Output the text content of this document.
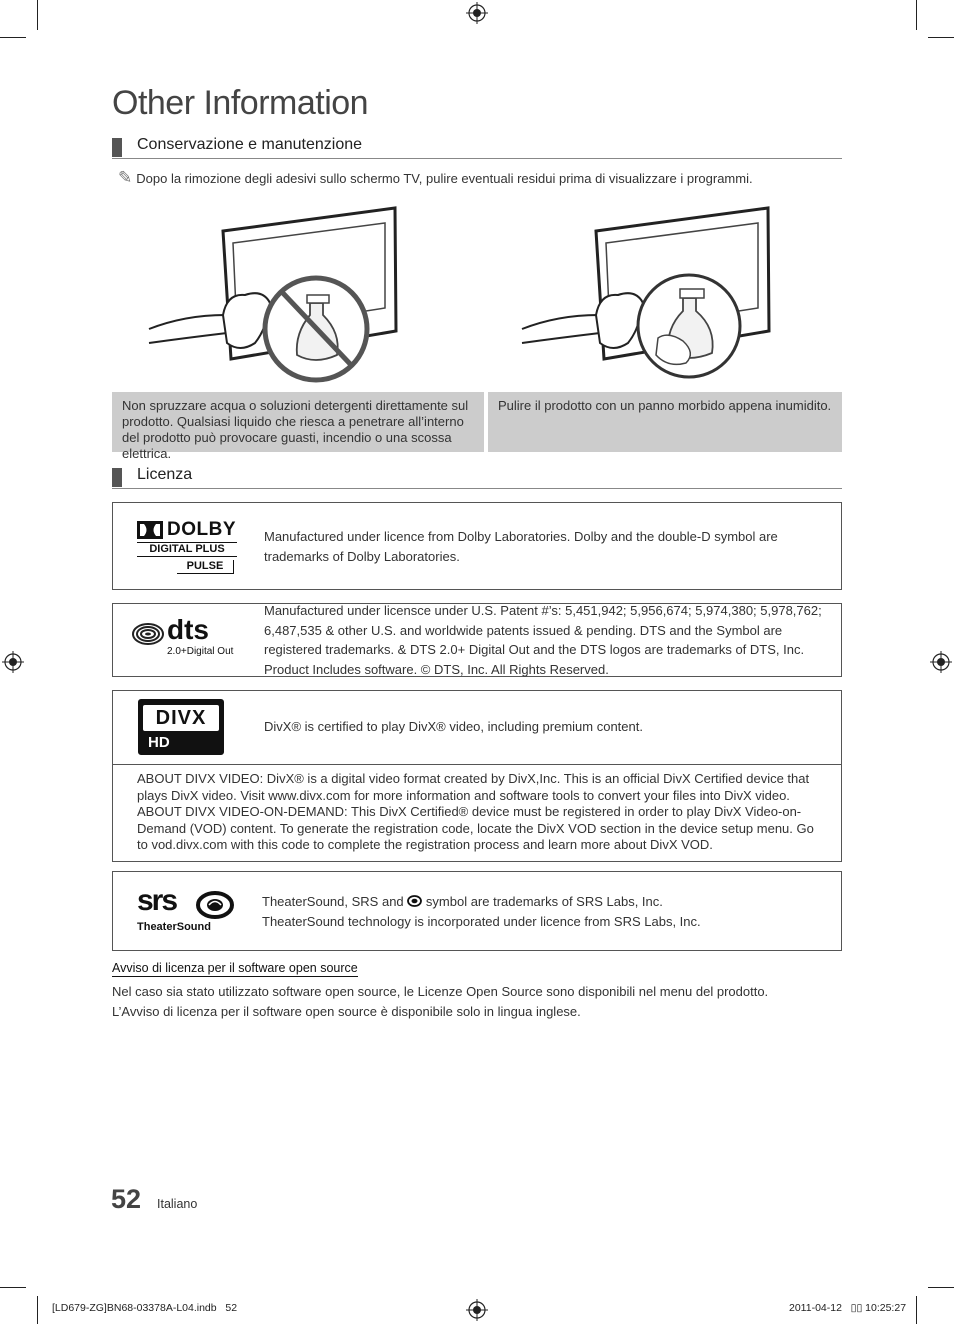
Other Information
Conservazione e manutenzione
✎ Dopo la rimozione degli adesivi sullo schermo TV, pulire eventuali residui prima di visualizzare i programmi.
Non spruzzare acqua o soluzioni detergenti direttamente sul prodotto. Qualsiasi liquido che riesca a penetrare all’interno del prodotto può provocare guasti, incendio o una scossa elettrica.
Pulire il prodotto con un panno morbido appena inumidito.
Licenza
DOLBY
DIGITAL PLUS
PULSE
Manufactured under licence from Dolby Laboratories. Dolby and the double-D symbol are trademarks of Dolby Laboratories.
dts
2.0+Digital Out
Manufactured under licensce under U.S. Patent #’s: 5,451,942; 5,956,674; 5,974,380; 5,978,762; 6,487,535 & other U.S. and worldwide patents issued & pending. DTS and the Symbol are registered trademarks. & DTS 2.0+ Digital Out and the DTS logos are trademarks of DTS, Inc. Product Includes software. © DTS, Inc. All Rights Reserved.
DIVX
HD
DivX® is certified to play DivX® video, including premium content.
ABOUT DIVX VIDEO: DivX® is a digital video format created by DivX,Inc. This is an official DivX Certified device that plays DivX video. Visit www.divx.com for more information and software tools to convert your files into DivX video. ABOUT DIVX VIDEO-ON-DEMAND: This DivX Certified® device must be registered in order to play DivX Video-on-Demand (VOD) content. To generate the registration code, locate the DivX VOD section in the device setup menu. Go to vod.divx.com with this code to complete the registration process and learn more about DivX VOD.
srs
TheaterSound
TheaterSound, SRS and symbol are trademarks of SRS Labs, Inc.
TheaterSound technology is incorporated under licence from SRS Labs, Inc.
Avviso di licenza per il software open source
Nel caso sia stato utilizzato software open source, le Licenze Open Source sono disponibili nel menu del prodotto.
L’Avviso di licenza per il software open source è disponibile solo in lingua inglese.
52 Italiano
[LD679-ZG]BN68-03378A-L04.indb   52	2011-04-12   ▯▯ 10:25:27
